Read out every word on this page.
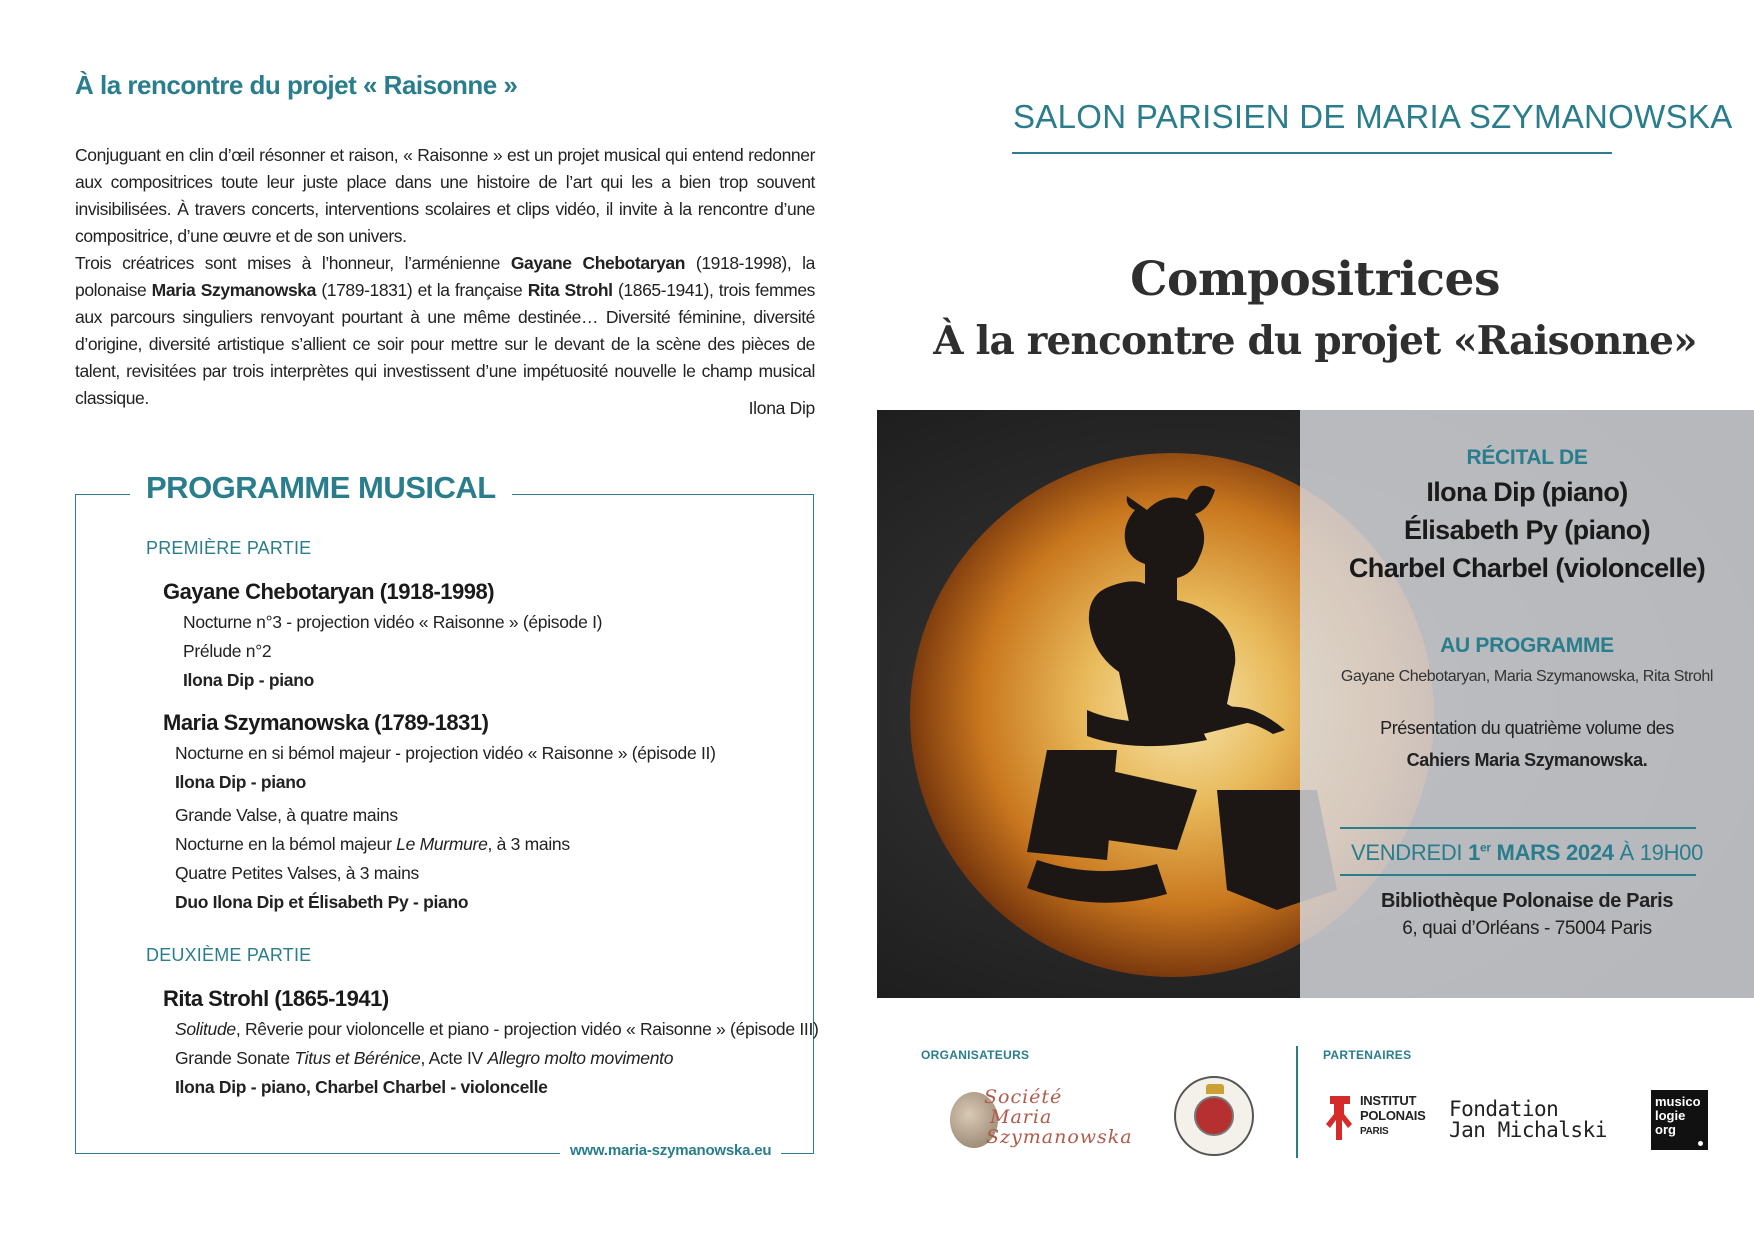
À la rencontre du projet « Raisonne »

Conjuguant en clin d’œil résonner et raison, « Raisonne » est un projet musical qui entend redonner aux compositrices toute leur juste place dans une histoire de l’art qui les a bien trop souvent invisibilisées. À travers concerts, interventions scolaires et clips vidéo, il invite à la rencontre d’une compositrice, d’une œuvre et de son univers.

Trois créatrices sont mises à l’honneur, l’arménienne Gayane Chebotaryan (1918-1998), la polonaise Maria Szymanowska (1789-1831) et la française Rita Strohl (1865-1941), trois femmes aux parcours singuliers renvoyant pourtant à une même destinée… Diversité féminine, diversité d’origine, diversité artistique s’allient ce soir pour mettre sur le devant de la scène des pièces de talent, revisitées par trois interprètes qui investissent d’une impétuosité nouvelle le champ musical classique.	Ilona Dip
PROGRAMME MUSICAL
PREMIÈRE PARTIE
Gayane Chebotaryan (1918-1998)
Nocturne n°3 - projection vidéo « Raisonne » (épisode I)
Prélude n°2
Ilona Dip - piano
Maria Szymanowska (1789-1831)
Nocturne en si bémol majeur - projection vidéo « Raisonne » (épisode II)
Ilona Dip - piano
Grande Valse, à quatre mains
Nocturne en la bémol majeur Le Murmure, à 3 mains
Quatre Petites Valses, à 3 mains
Duo Ilona Dip et Élisabeth Py - piano
DEUXIÈME PARTIE
Rita Strohl (1865-1941)
Solitude, Rêverie pour violoncelle et piano - projection vidéo « Raisonne » (épisode III)
Grande Sonate Titus et Bérénice, Acte IV Allegro molto movimento
Ilona Dip - piano, Charbel Charbel - violoncelle
www.maria-szymanowska.eu
SALON PARISIEN DE MARIA SZYMANOWSKA
Compositrices
À la rencontre du projet «Raisonne»
RÉCITAL DE
Ilona Dip (piano)
Élisabeth Py (piano)
Charbel Charbel (violoncelle)
AU PROGRAMME
Gayane Chebotaryan, Maria Szymanowska, Rita Strohl
Présentation du quatrième volume des
Cahiers Maria Szymanowska.
VENDREDI 1er MARS 2024 À 19H00
Bibliothèque Polonaise de Paris
6, quai d’Orléans - 75004 Paris
ORGANISATEURS	PARTENAIRES
Société
Maria
Szymanowska
INSTITUT
POLONAIS
PARIS
Fondation
Jan Michalski
musico
logie
org
